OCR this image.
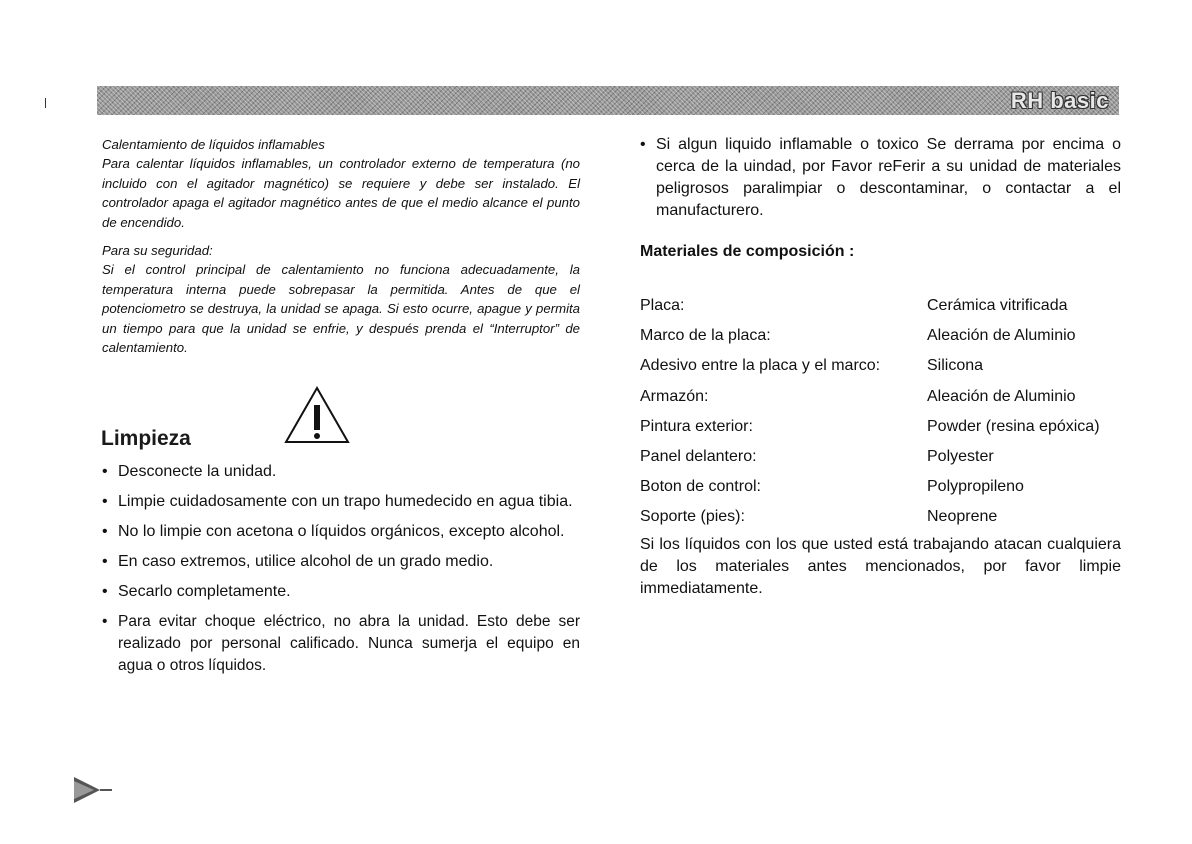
RH basic

Calentamiento de líquidos inflamables

Para calentar líquidos inflamables, un controlador externo de temperatura (no incluido con el agitador magnético) se requiere y debe ser instalado. El controlador apaga el agitador magnético antes de que el medio alcance el punto de encendido.

Para su seguridad:

Si el control principal de calentamiento no funciona adecuadamente, la temperatura interna puede sobrepasar la permitida. Antes de que el potenciometro se destruya, la unidad se apaga. Si esto ocurre, apague y permita un tiempo para que la unidad se enfrie, y después prenda el “Interruptor” de calentamiento.

Limpieza
• Desconecte la unidad.
• Limpie cuidadosamente con un trapo humedecido en agua tibia.
• No lo limpie con acetona o líquidos orgánicos, excepto alcohol.
• En caso extremos, utilice alcohol de un grado medio.
• Secarlo completamente.
• Para evitar choque eléctrico, no abra la unidad. Esto debe ser realizado por personal calificado. Nunca sumerja el equipo en agua o otros líquidos.
• Si algun liquido inflamable o toxico Se derrama por encima o cerca de la uindad, por Favor reFerir a su unidad de materiales peligrosos paralimpiar o descontaminar, o contactar a el manufacturero.
Materiales de composición :
Placa:	Cerámica vitrificada
Marco de la placa:	Aleación de Aluminio
Adesivo entre la placa y el marco:	Silicona
Armazón:	Aleación de Aluminio
Pintura exterior:	Powder (resina epóxica)
Panel delantero:	Polyester
Boton de control:	Polypropileno
Soporte (pies):	Neoprene

Si los líquidos con los que usted está trabajando atacan cualquiera de los materiales antes mencionados, por favor limpie immediatamente.
